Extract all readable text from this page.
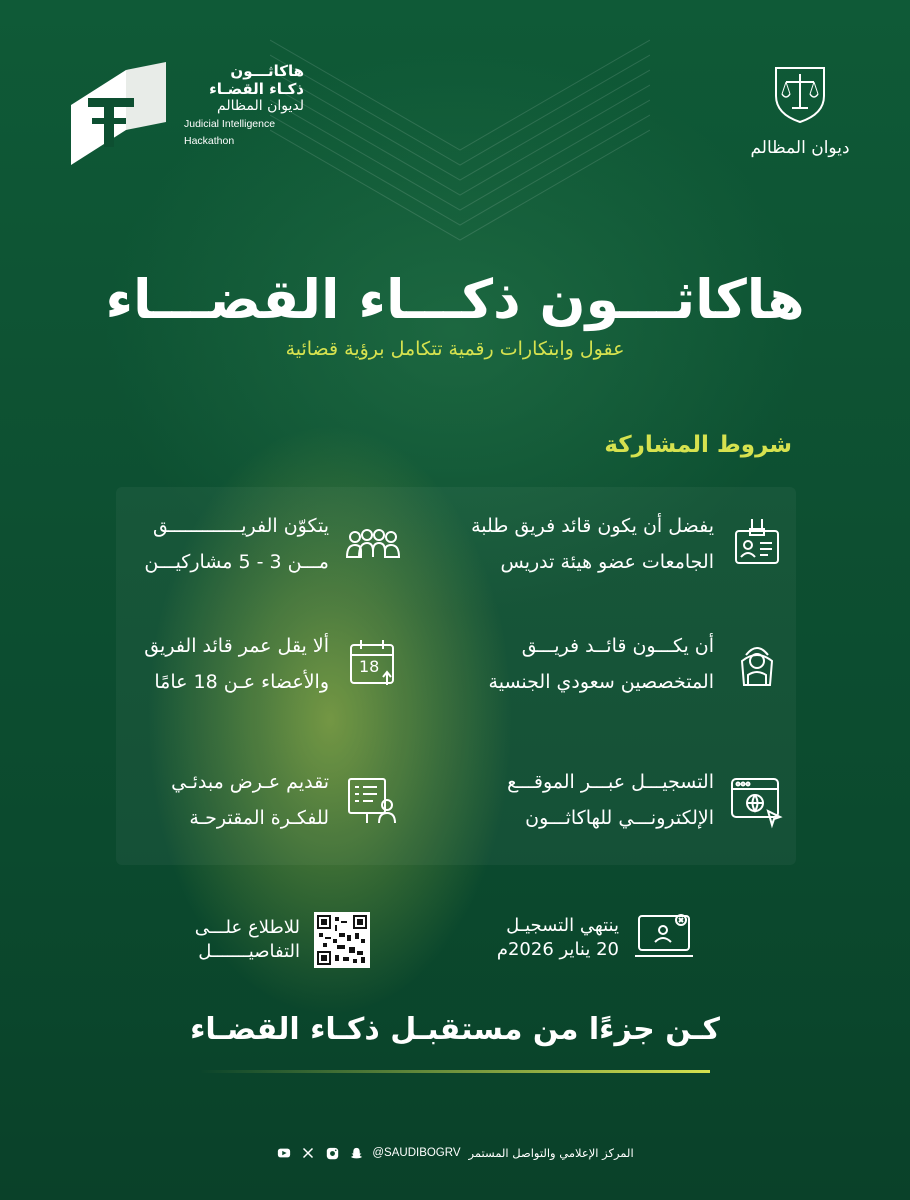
هاكاثـــون
ذكـاء القضـاء
لديوان المظالم
Judicial Intelligence
Hackathon	ديوان المظالم
هاكاثـــون ذكـــاء القضـــاء
عقول وابتكارات رقمية تتكامل برؤية قضائية
شروط المشاركة
يفضل أن يكون قائد فريق طلبة
الجامعات عضو هيئة تدريس
أن يكـــون قائــد فريـــق
المتخصصين سعودي الجنسية
التسجيـــل عبـــر الموقـــع
الإلكترونـــي للهاكاثـــون
يتكوّن الفريـــــــــــــق
مـــن 3 - 5 مشاركيـــن
18
ألا يقل عمر قائد الفريق
والأعضاء عـن 18 عامًا
تقديم عـرض مبدئـي
للفكـرة المقترحـة
ينتهي التسجيـل
20 يناير 2026م
للاطلاع علـــى
التفاصيـــــــل
كـن جزءًا من مستقبـل ذكـاء القضـاء
المركز الإعلامي والتواصل المستمر
@SAUDIBOGRV
